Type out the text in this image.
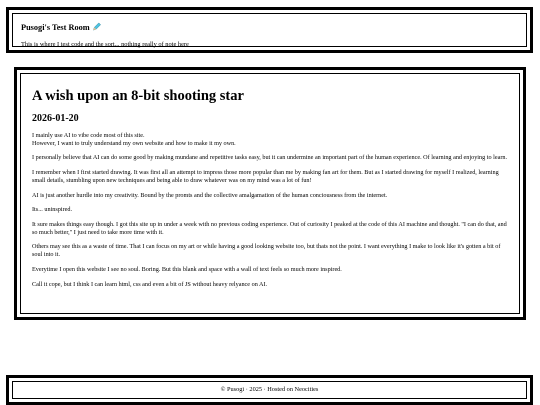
Pusogi's Test Room

This is where I test code and the sort... nothing really of note here

A wish upon an 8-bit shooting star
2026-01-20

I mainly use AI to vibe code most of this site.
However, I want to truly understand my own website and how to make it my own.

I personally believe that AI can do some good by making mundane and repetitive tasks easy, but it can undermine an important part of the human experience. Of learning and enjoying to learn.

I remember when I first started drawing. It was first all an attempt to impress those more popular than me by making fan art for them. But as I started drawing for myself I realized, learning small details, stumbling upon new techniques and being able to draw whatever was on my mind was a lot of fun!

AI is just another hurdle into my creativity. Bound by the promts and the collective amalgamation of the human conciousness from the internet.

Its... uninspired.

It sure makes things easy though. I got this site up in under a week with no previous coding experience. Out of curiosity I peaked at the code of this AI machine and thought. "I can do that, and so much better," I just need to take more time with it.

Others may see this as a waste of time. That I can focus on my art or while having a good looking website too, but thats not the point. I want everything I make to look like it's gotten a bit of soul into it.

Everytime I open this website I see no soul. Boring. But this blank and space with a wall of text feels so much more inspired.

Call it cope, but I think I can learn html, css and even a bit of JS without heavy relyance on AI.

© Pusogi · 2025 · Hosted on Neocities
